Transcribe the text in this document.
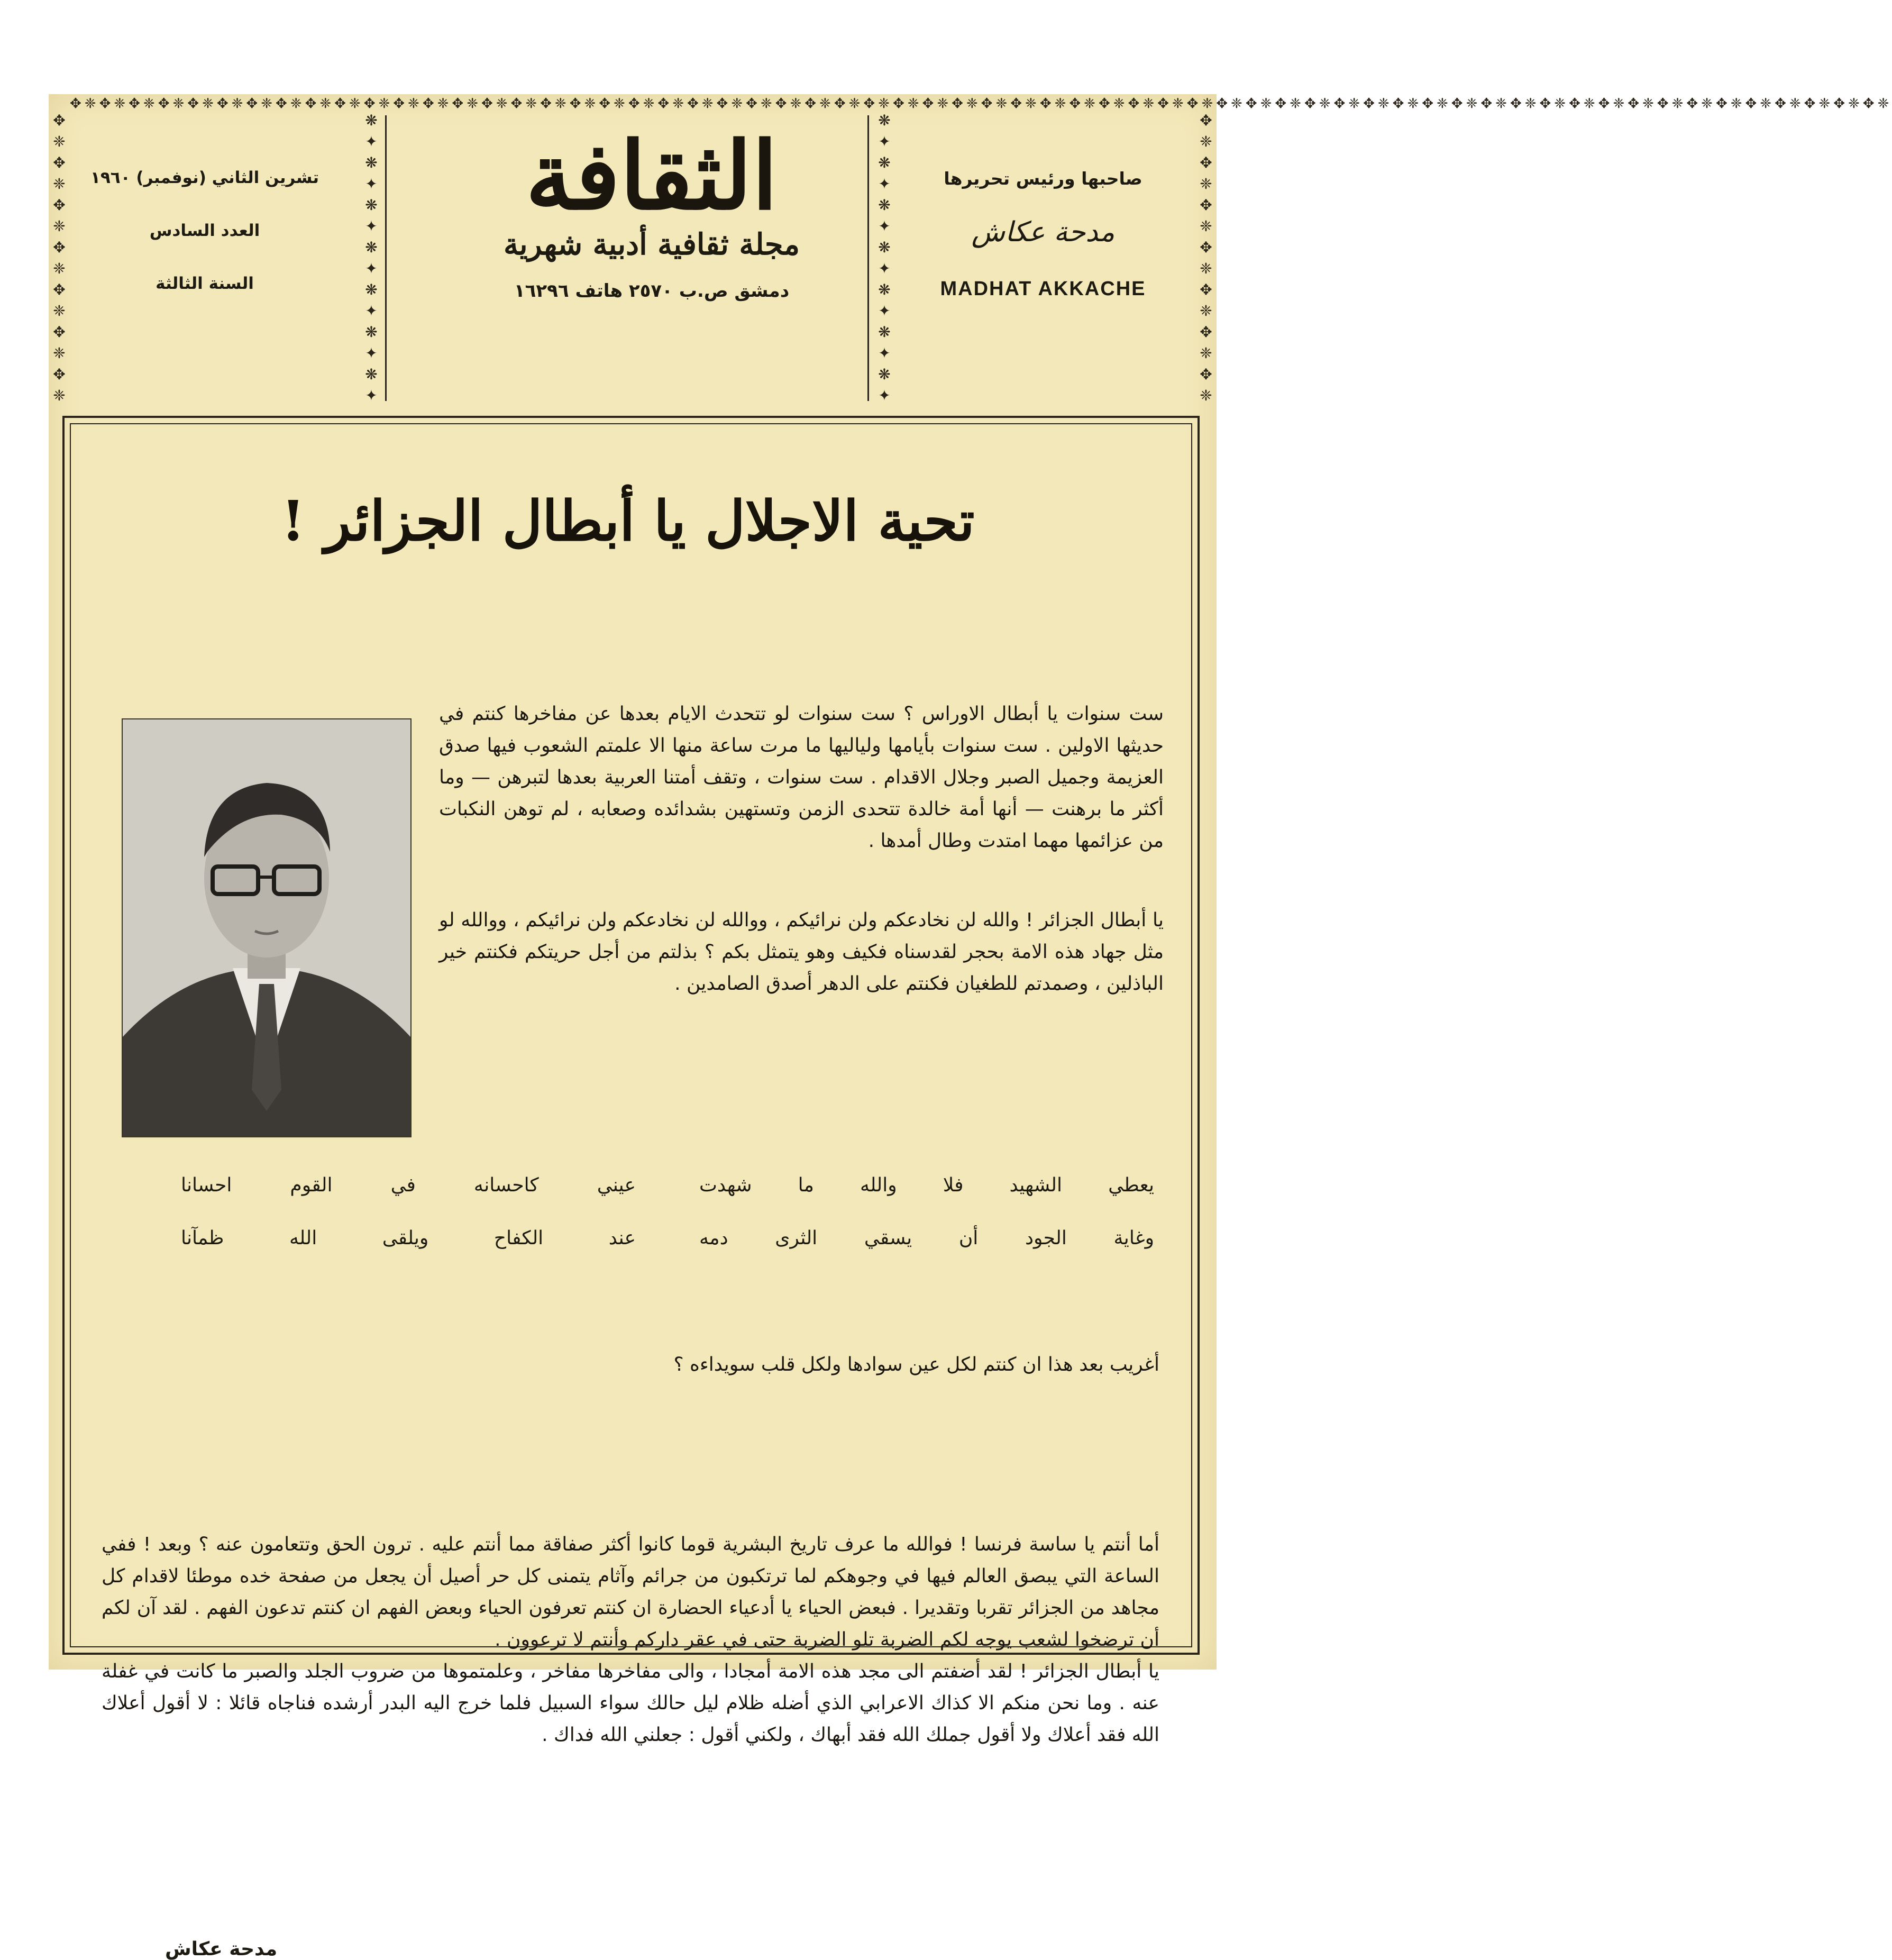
✥❈✥❈✥❈✥❈✥❈✥❈✥❈✥❈✥❈✥❈✥❈✥❈✥❈✥❈✥❈✥❈✥❈✥❈✥❈✥❈✥❈✥❈✥❈✥❈✥❈✥❈✥❈✥❈✥❈✥❈✥❈✥❈✥❈✥❈✥❈✥❈✥❈✥❈✥❈✥❈✥❈✥❈✥❈✥❈✥❈✥❈✥❈✥❈✥❈✥❈✥❈✥❈✥❈✥❈✥❈✥❈✥❈✥❈✥❈✥❈✥❈✥❈
✥
❈
✥
❈
✥
❈
✥
❈
✥
❈
✥
❈
✥
❈
✥
❈
✥
❈
✥
❈
✥
❈
✥
❈
✥
❈
✥
❈
❋
✦
❋
✦
❋
✦
❋
✦
❋
✦
❋
✦
❋
✦
❋
✦
❋
✦
❋
✦
❋
✦
❋
✦
❋
✦
❋
✦
تشرين الثاني (نوفمبر) ١٩٦٠
العدد السادس
السنة الثالثة
الثقافة
مجلة ثقافية أدبية شهرية
دمشق ص.ب ٢٥٧٠ هاتف ١٦٢٩٦
صاحبها ورئيس تحريرها
مدحة عكاش
MADHAT AKKACHE
تحية الاجلال يا أبطال الجزائر !
ست سنوات يا أبطال الاوراس ؟ ست سنوات لو تتحدث الايام بعدها عن مفاخرها كنتم في حديثها الاولين . ست سنوات بأيامها ولياليها ما مرت ساعة منها الا علمتم الشعوب فيها صدق العزيمة وجميل الصبر وجلال الاقدام . ست سنوات ، وتقف أمتنا العربية بعدها لتبرهن — وما أكثر ما برهنت — أنها أمة خالدة تتحدى الزمن وتستهين بشدائده وصعابه ، لم توهن النكبات من عزائمها مهما امتدت وطال أمدها .
يا أبطال الجزائر ! والله لن نخادعكم ولن نرائيكم ، ووالله لن نخادعكم ولن نرائيكم ، ووالله لو مثل جهاد هذه الامة بحجر لقدسناه فكيف وهو يتمثل بكم ؟ بذلتم من أجل حريتكم فكنتم خير الباذلين ، وصمدتم للطغيان فكنتم على الدهر أصدق الصامدين .
يعطي الشهيد فلا والله ما شهدت
عيني كاحسانه في القوم احسانا
وغاية الجود أن يسقي الثرى دمه
عند الكفاح ويلقى الله ظمآنا
أغريب بعد هذا ان كنتم لكل عين سوادها ولكل قلب سويداءه ؟
أما أنتم يا ساسة فرنسا ! فوالله ما عرف تاريخ البشرية قوما كانوا أكثر صفاقة مما أنتم عليه . ترون الحق وتتعامون عنه ؟ وبعد ! ففي الساعة التي يبصق العالم فيها في وجوهكم لما ترتكبون من جرائم وآثام يتمنى كل حر أصيل أن يجعل من صفحة خده موطئا لاقدام كل مجاهد من الجزائر تقربا وتقديرا . فبعض الحياء يا أدعياء الحضارة ان كنتم تعرفون الحياء وبعض الفهم ان كنتم تدعون الفهم . لقد آن لكم أن ترضخوا لشعب يوجه لكم الضربة تلو الضربة حتى في عقر داركم وأنتم لا ترعوون .
يا أبطال الجزائر ! لقد أضفتم الى مجد هذه الامة أمجادا ، والى مفاخرها مفاخر ، وعلمتموها من ضروب الجلد والصبر ما كانت في غفلة عنه . وما نحن منكم الا كذاك الاعرابي الذي أضله ظلام ليل حالك سواء السبيل فلما خرج اليه البدر أرشده فناجاه قائلا : لا أقول أعلاك الله فقد أعلاك ولا أقول جملك الله فقد أبهاك ، ولكني أقول : جعلني الله فداك .
مدحة عكاش
